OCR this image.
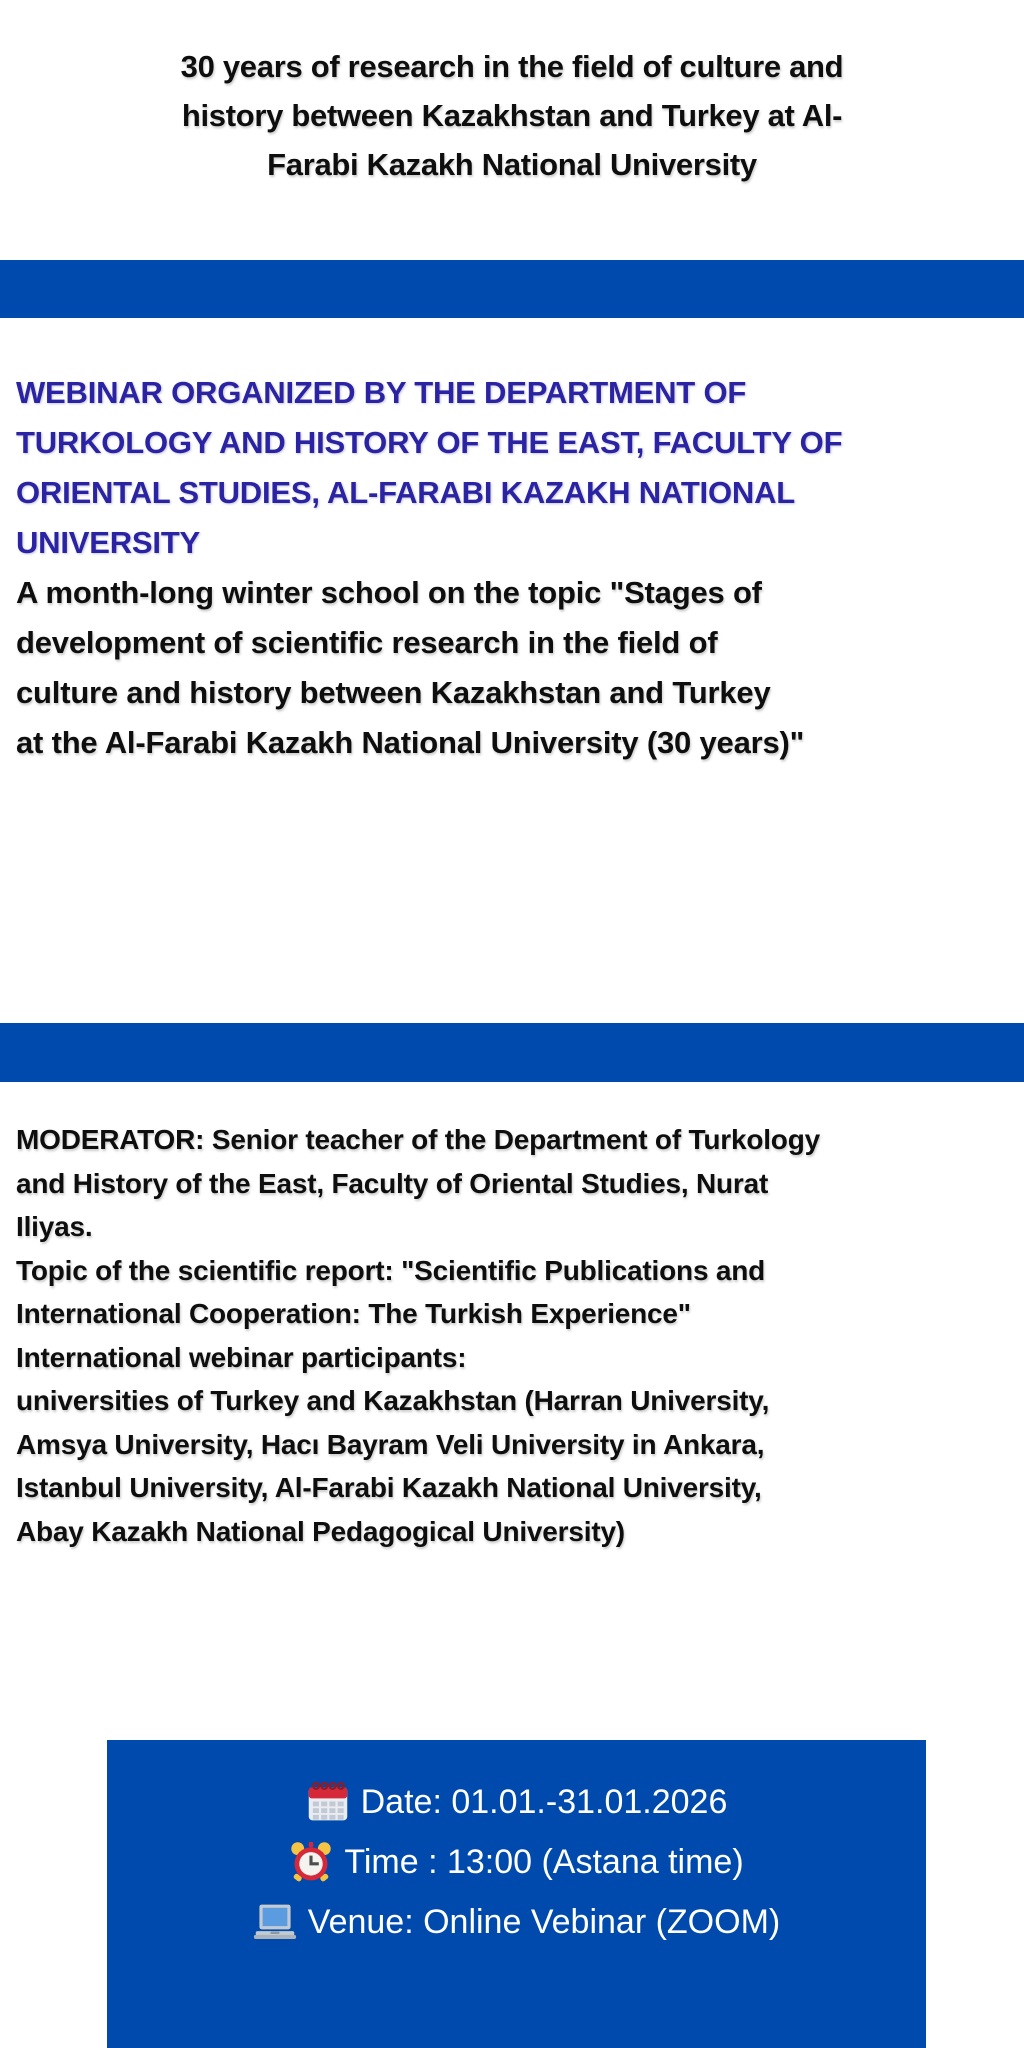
30 years of research in the field of culture and
history between Kazakhstan and Turkey at Al-
Farabi Kazakh National University
WEBINAR ORGANIZED BY THE DEPARTMENT OF
TURKOLOGY AND HISTORY OF THE EAST, FACULTY OF
ORIENTAL STUDIES, AL-FARABI KAZAKH NATIONAL
UNIVERSITY
A month-long winter school on the topic "Stages of
development of scientific research in the field of
culture and history between Kazakhstan and Turkey
at the Al-Farabi Kazakh National University (30 years)"
MODERATOR: Senior teacher of the Department of Turkology
and History of the East, Faculty of Oriental Studies, Nurat
Iliyas.
Topic of the scientific report: "Scientific Publications and
International Cooperation: The Turkish Experience"
International webinar participants:
universities of Turkey and Kazakhstan (Harran University,
Amsya University, Hacı Bayram Veli University in Ankara,
Istanbul University, Al-Farabi Kazakh National University,
Abay Kazakh National Pedagogical University)
Date: 01.01.-31.01.2026
Time : 13:00 (Astana time)
Venue: Online Vebinar (ZOOM)
